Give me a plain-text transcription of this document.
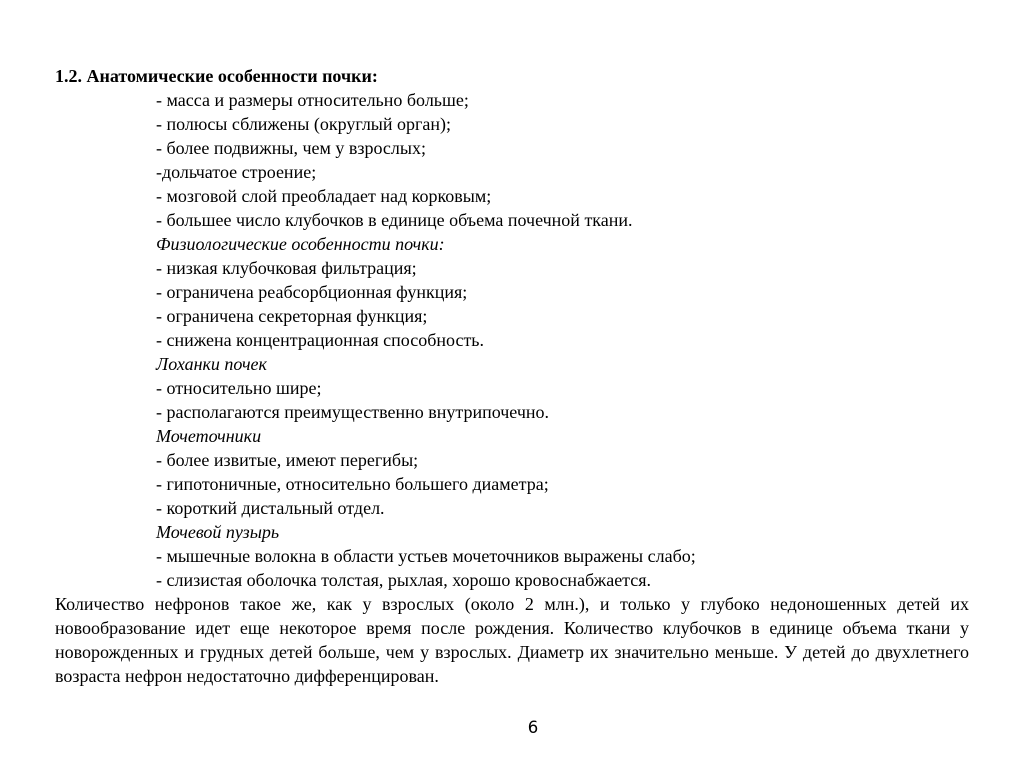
1.2. Анатомические особенности почки:
- масса и размеры относительно больше;
- полюсы сближены (округлый орган);
- более подвижны, чем у взрослых;
-дольчатое строение;
- мозговой слой преобладает над корковым;
- большее число клубочков в единице объема почечной ткани.
Физиологические особенности почки:
- низкая клубочковая фильтрация;
- ограничена реабсорбционная функция;
- ограничена секреторная функция;
- снижена концентрационная способность.
Лоханки почек
- относительно шире;
- располагаются преимущественно внутрипочечно.
Мочеточники
- более извитые, имеют перегибы;
- гипотоничные, относительно большего диаметра;
- короткий дистальный отдел.
Мочевой пузырь
- мышечные волокна в области устьев мочеточников выражены слабо;
- слизистая оболочка толстая, рыхлая, хорошо кровоснабжается.
Количество нефронов такое же, как у взрослых (около 2 млн.), и только у глубоко недоношенных детей их новообразование идет еще некоторое время после рождения. Количество клубочков в единице объема ткани у новорожденных и грудных детей больше, чем у взрослых. Диаметр их значительно меньше. У детей до двухлетнего возраста нефрон недостаточно дифференцирован.
6
